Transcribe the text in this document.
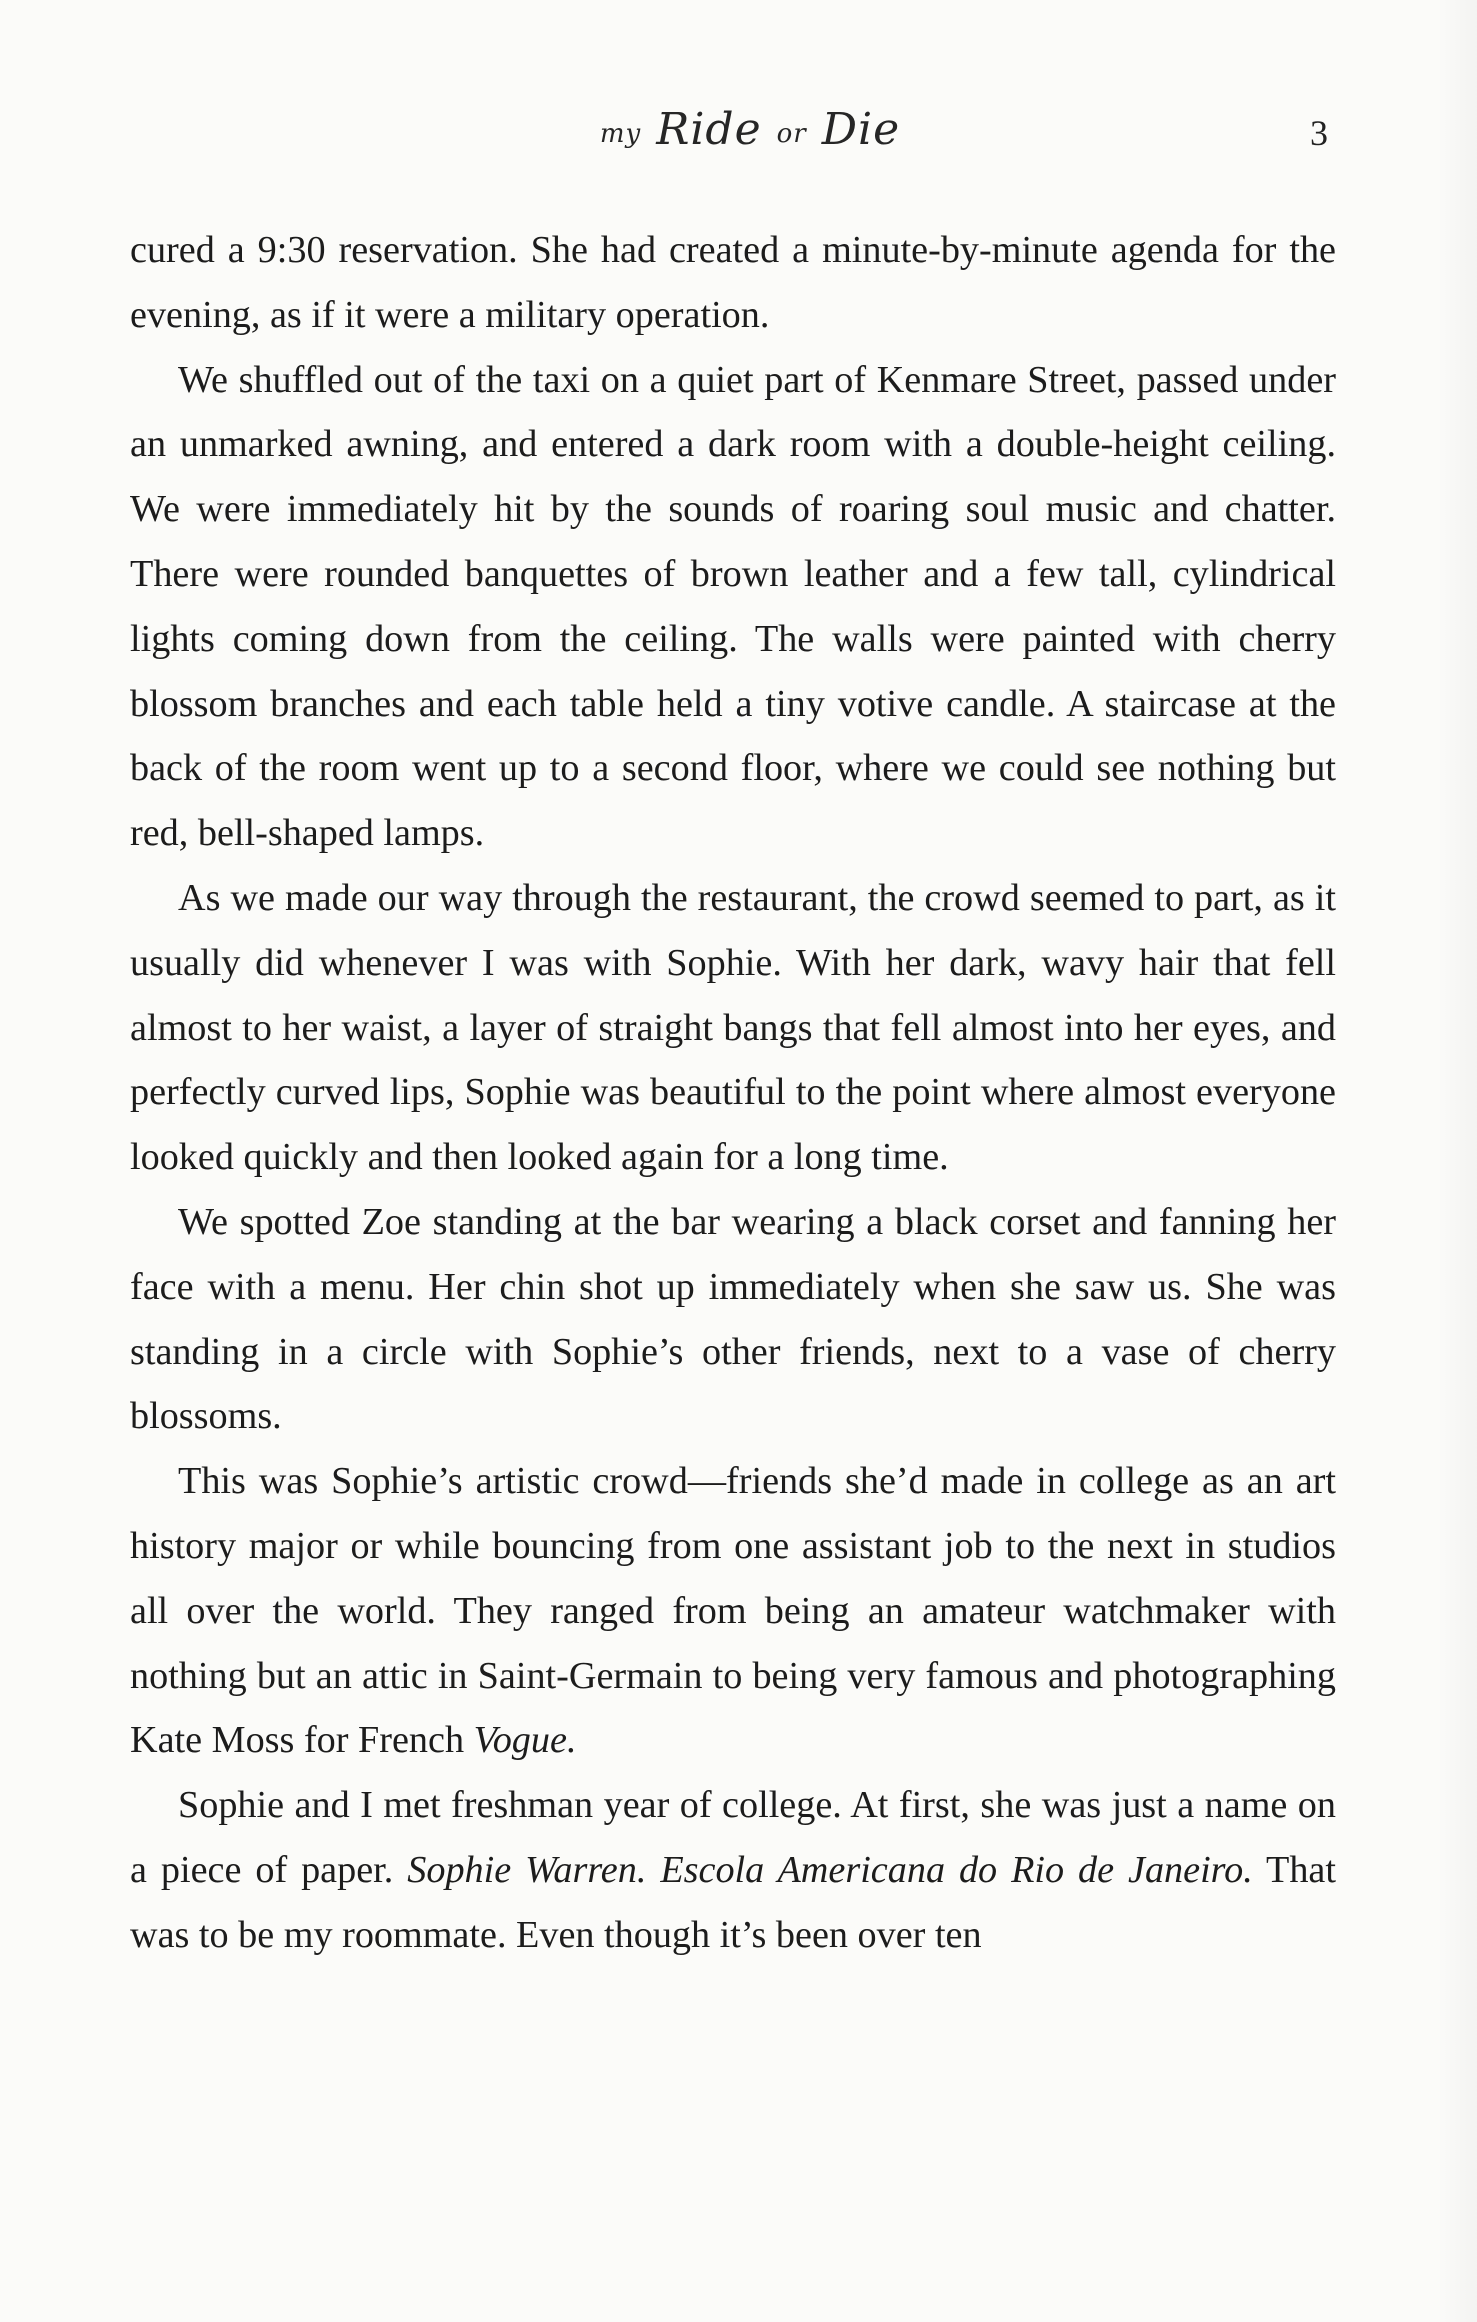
my Ride or Die	3

cured a 9:30 reservation. She had created a minute-by-minute agenda for the evening, as if it were a military operation.

We shuffled out of the taxi on a quiet part of Kenmare Street, passed under an unmarked awning, and entered a dark room with a double-height ceiling. We were immediately hit by the sounds of roaring soul music and chatter. There were rounded banquettes of brown leather and a few tall, cylindrical lights coming down from the ceiling. The walls were painted with cherry blossom branches and each table held a tiny votive candle. A staircase at the back of the room went up to a second floor, where we could see nothing but red, bell-shaped lamps.

As we made our way through the restaurant, the crowd seemed to part, as it usually did whenever I was with Sophie. With her dark, wavy hair that fell almost to her waist, a layer of straight bangs that fell almost into her eyes, and perfectly curved lips, Sophie was beautiful to the point where almost everyone looked quickly and then looked again for a long time.

We spotted Zoe standing at the bar wearing a black corset and fanning her face with a menu. Her chin shot up immediately when she saw us. She was standing in a circle with Sophie’s other friends, next to a vase of cherry blossoms.

This was Sophie’s artistic crowd—friends she’d made in college as an art history major or while bouncing from one assistant job to the next in studios all over the world. They ranged from being an amateur watchmaker with nothing but an attic in Saint-Germain to being very famous and photographing Kate Moss for French Vogue.

Sophie and I met freshman year of college. At first, she was just a name on a piece of paper. Sophie Warren. Escola Americana do Rio de Janeiro. That was to be my roommate. Even though it’s been over ten
